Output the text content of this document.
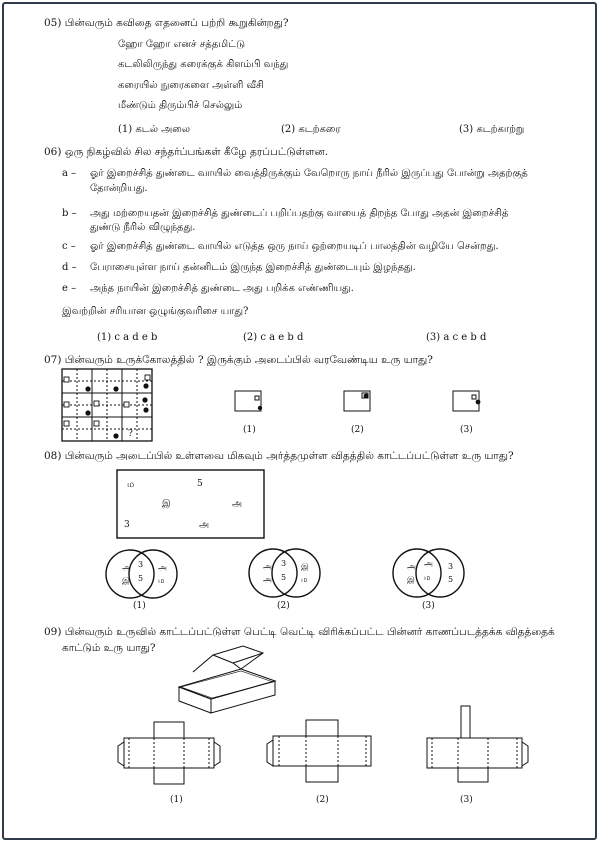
05) பின்வரும் கவிதை எதனைப் பற்றி கூறுகின்றது?
ஹோ ஹோ எனச் சத்தமிட்டு
கடலிலிருந்து கரைக்குக் கிளம்பி வந்து
கரையில் நுரைகளை அள்ளி வீசி
மீண்டும் திரும்பிச் செல்லும்
(1) கடல் அலை	(2) கடற்கரை	(3) கடற்காற்று
06) ஒரு நிகழ்வில் சில சந்தர்ப்பங்கள் கீழே தரப்பட்டுள்ளன.
a – ஓர் இறைச்சித் துண்டை வாயில் வைத்திருக்கும் வேறொரு நாய் நீரில் இருப்பது போன்று அதற்குத்
தோன்றியது.
b – அது மற்றையதன் இறைச்சித் துண்டைப் பறிப்பதற்கு வாயைத் திறந்த போது அதன் இறைச்சித்
துண்டு நீரில் விழுந்தது.
c – ஓர் இறைச்சித் துண்டை வாயில் எடுத்த ஒரு நாய் ஒற்றையடிப் பாலத்தின் வழியே சென்றது.
d – பேராசையுள்ள நாய் தன்னிடம் இருந்த இறைச்சித் துண்டையும் இழந்தது.
e – அந்த நாயின் இறைச்சித் துண்டை அது பறிக்க எண்ணியது.
இவற்றின் சரியான ஒழுங்குவரிசை யாது?
(1) c a d e b	(2) c a e b d	(3) a c e b d
07) பின்வரும் உருக்கோலத்தில் ? இருக்கும் அடைப்பில் வரவேண்டிய உரு யாது?
08) பின்வரும் அடைப்பில் உள்ளவை மிகவும் அர்த்தமுள்ள விதத்தில் காட்டப்பட்டுள்ள உரு யாது?
09) பின்வரும் உருவில் காட்டப்பட்டுள்ள பெட்டி வெட்டி விரிக்கப்பட்ட பின்னர் காணப்படத்தக்க விதத்தைக்
காட்டும் உரு யாது?
?	(1)	(2)	(3)
ம	5
இ	அ
3	அ
அ
இ
3
5
அ
ம
அ
அ
3
5
இ
ம
அ
இ
அ
ம
3
5
(1)	(2)	(3)
(1)	(2)	(3)
